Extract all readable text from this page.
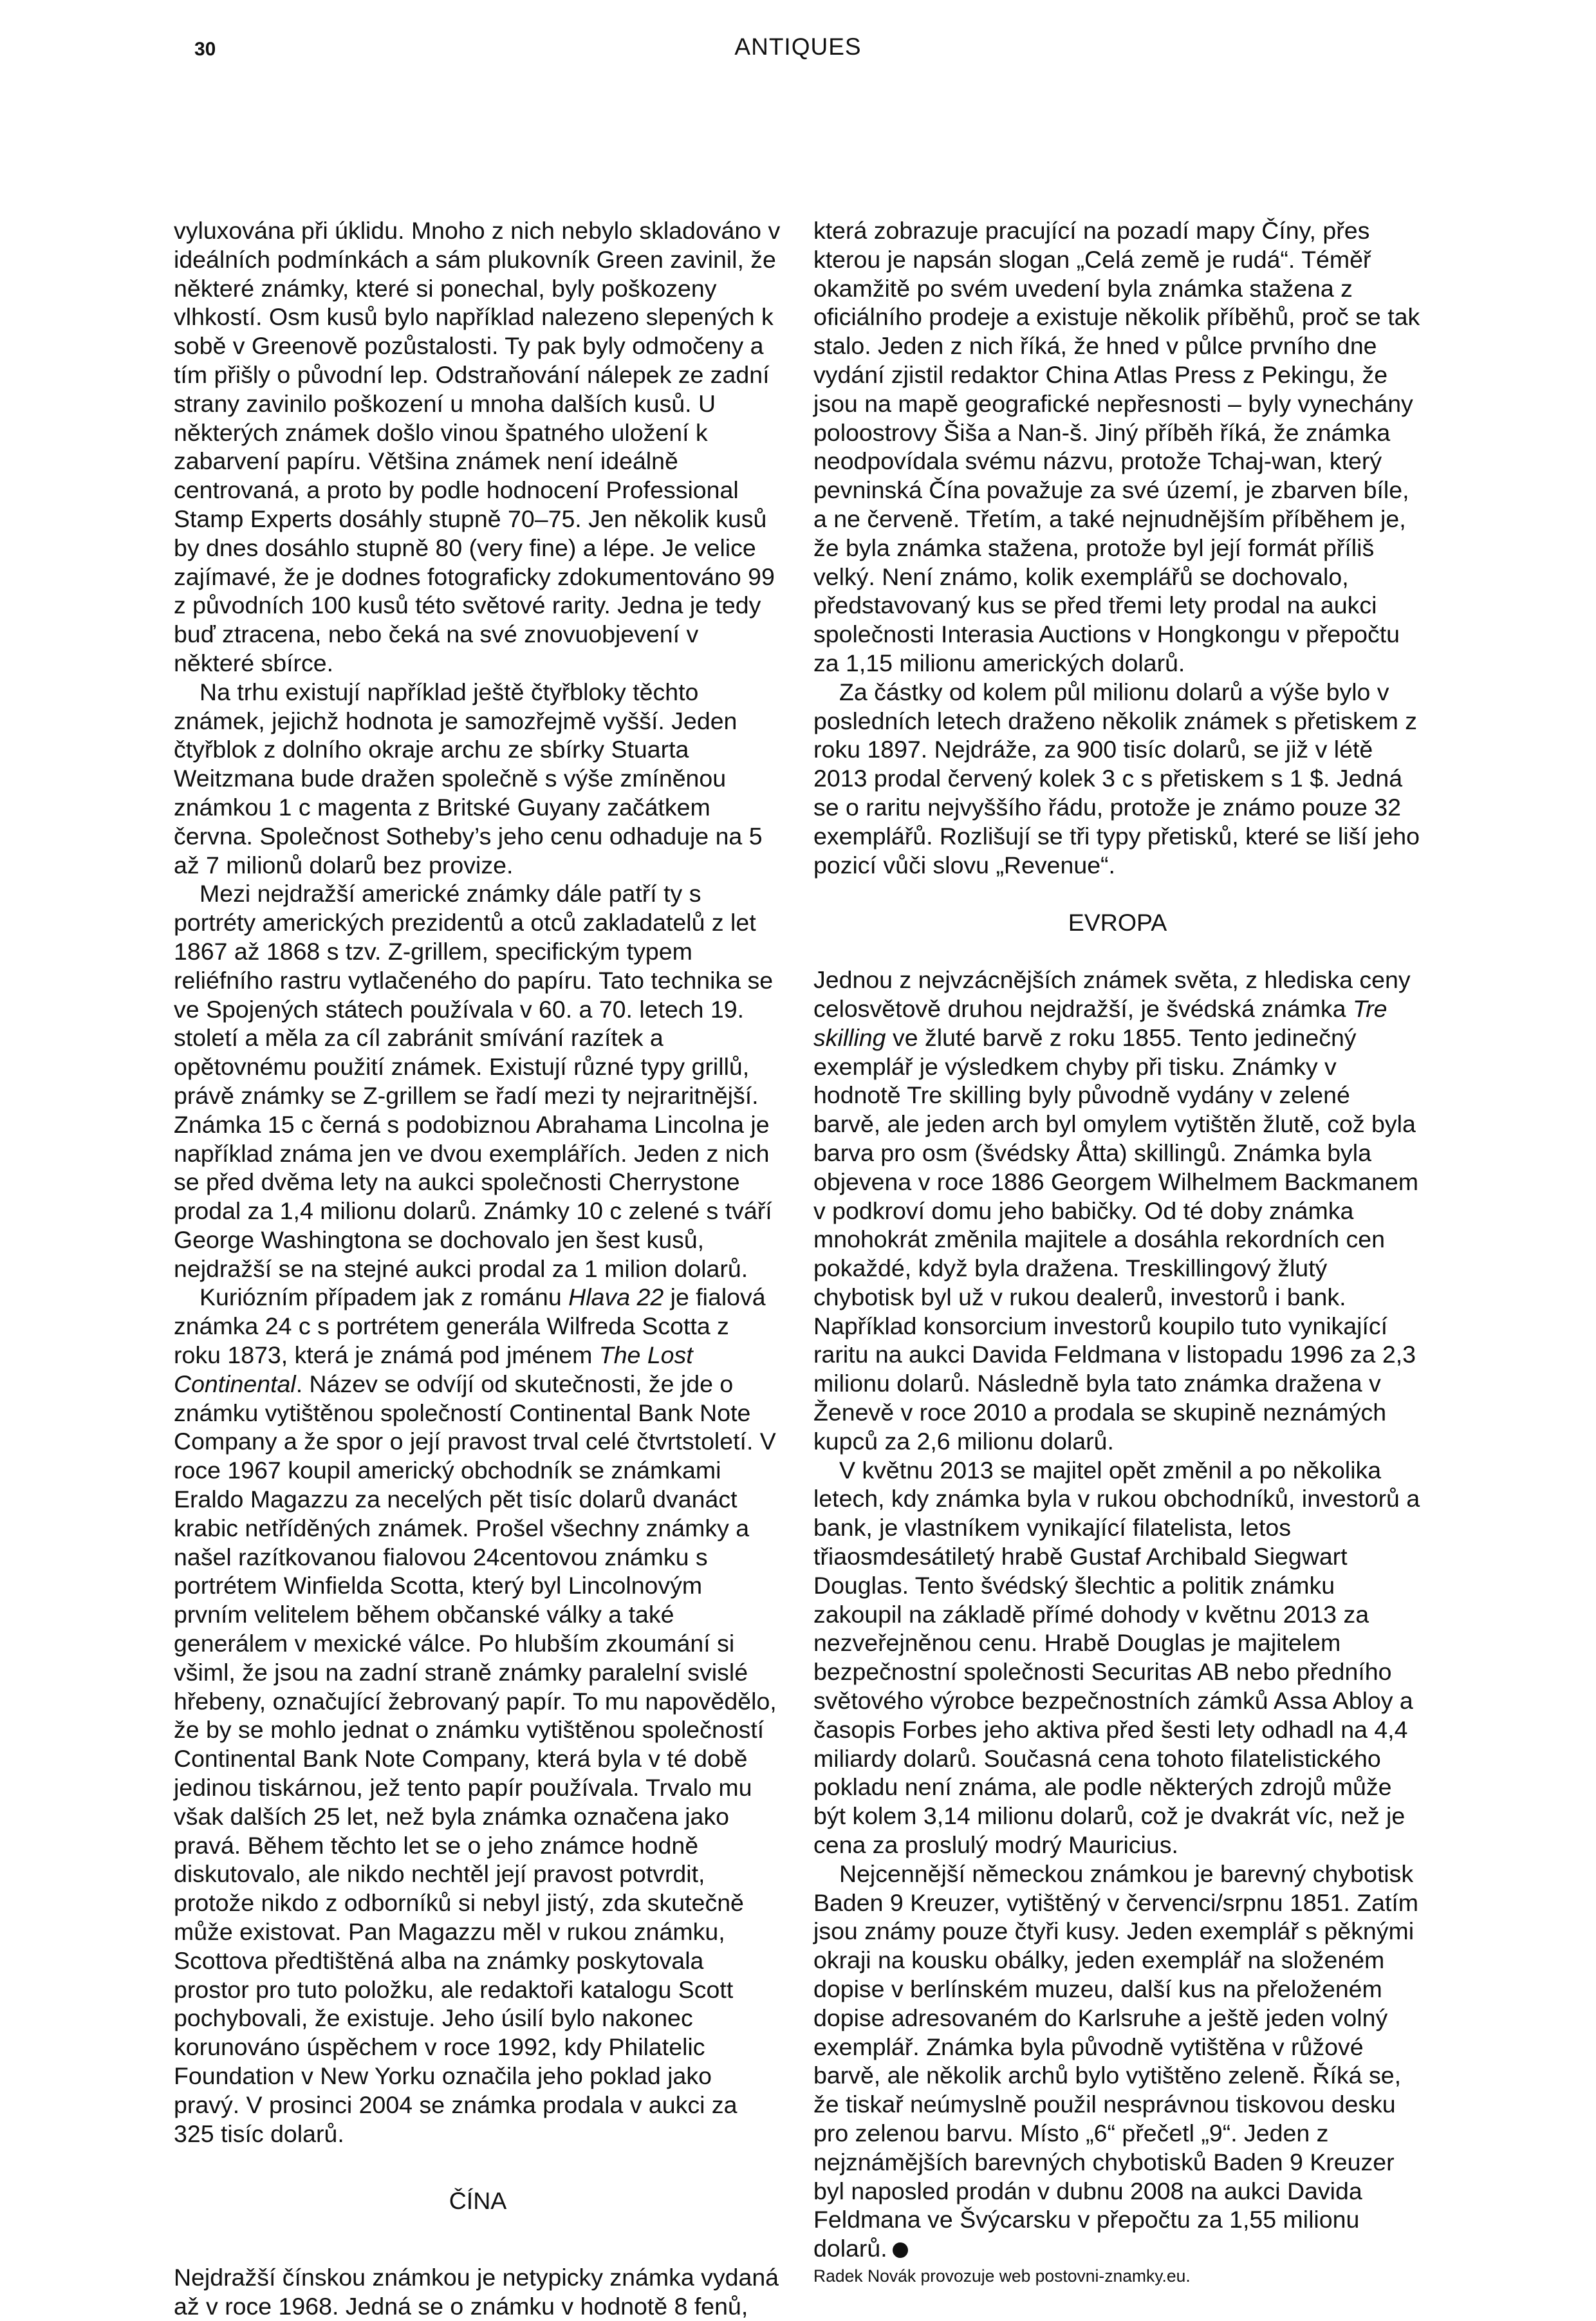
30	ANTIQUES

vyluxována při úklidu. Mnoho z nich nebylo skladováno v ideálních podmínkách a sám plukovník Green zavinil, že některé známky, které si ponechal, byly poškozeny vlhkostí. Osm kusů bylo například nalezeno slepených k sobě v Greenově pozůstalosti. Ty pak byly odmočeny a tím přišly o původní lep. Odstraňování nálepek ze zadní strany zavinilo poškození u mnoha dalších kusů. U některých známek došlo vinou špatného uložení k zabarvení papíru. Většina známek není ideálně centrovaná, a proto by podle hodnocení Professional Stamp Experts dosáhly stupně 70–75. Jen několik kusů by dnes dosáhlo stupně 80 (very fine) a lépe. Je velice zajímavé, že je dodnes fotograficky zdokumentováno 99 z původních 100 kusů této světové rarity. Jedna je tedy buď ztracena, nebo čeká na své znovuobjevení v některé sbírce.

Na trhu existují například ještě čtyřbloky těchto známek, jejichž hodnota je samozřejmě vyšší. Jeden čtyřblok z dolního okraje archu ze sbírky Stuarta Weitzmana bude dražen společně s výše zmíněnou známkou 1 c magenta z Britské Guyany začátkem června. Společnost Sotheby’s jeho cenu odhaduje na 5 až 7 milionů dolarů bez provize.

Mezi nejdražší americké známky dále patří ty s portréty amerických prezidentů a otců zakladatelů z let 1867 až 1868 s tzv. Z-grillem, specifickým typem reliéfního rastru vytlačeného do papíru. Tato technika se ve Spojených státech používala v 60. a 70. letech 19. století a měla za cíl zabránit smívání razítek a opětovnému použití známek. Existují různé typy grillů, právě známky se Z-grillem se řadí mezi ty nejraritnější. Známka 15 c černá s podobiznou Abrahama Lincolna je například známa jen ve dvou exemplářích. Jeden z nich se před dvěma lety na aukci společnosti Cherrystone prodal za 1,4 milionu dolarů. Známky 10 c zelené s tváří George Washingtona se dochovalo jen šest kusů, nejdražší se na stejné aukci prodal za 1 milion dolarů.

Kuriózním případem jak z románu Hlava 22 je fialová známka 24 c s portrétem generála Wilfreda Scotta z roku 1873, která je známá pod jménem The Lost Continental. Název se odvíjí od skutečnosti, že jde o známku vytištěnou společností Continental Bank Note Company a že spor o její pravost trval celé čtvrtstoletí. V roce 1967 koupil americký obchodník se známkami Eraldo Magazzu za necelých pět tisíc dolarů dvanáct krabic netříděných známek. Prošel všechny známky a našel razítkovanou fialovou 24centovou známku s portrétem Winfielda Scotta, který byl Lincolnovým prvním velitelem během občanské války a také generálem v mexické válce. Po hlubším zkoumání si všiml, že jsou na zadní straně známky paralelní svislé hřebeny, označující žebrovaný papír. To mu napovědělo, že by se mohlo jednat o známku vytištěnou společností Continental Bank Note Company, která byla v té době jedinou tiskárnou, jež tento papír používala. Trvalo mu však dalších 25 let, než byla známka označena jako pravá. Během těchto let se o jeho známce hodně diskutovalo, ale nikdo nechtěl její pravost potvrdit, protože nikdo z odborníků si nebyl jistý, zda skutečně může existovat. Pan Magazzu měl v rukou známku, Scottova předtištěná alba na známky poskytovala prostor pro tuto položku, ale redaktoři katalogu Scott pochybovali, že existuje. Jeho úsilí bylo nakonec korunováno úspěchem v roce 1992, kdy Philatelic Foundation v New Yorku označila jeho poklad jako pravý. V prosinci 2004 se známka prodala v aukci za 325 tisíc dolarů.

ČÍNA

Nejdražší čínskou známkou je netypicky známka vydaná až v roce 1968. Jedná se o známku v hodnotě 8 fenů,

která zobrazuje pracující na pozadí mapy Číny, přes kterou je napsán slogan „Celá země je rudá“. Téměř okamžitě po svém uvedení byla známka stažena z oficiálního prodeje a existuje několik příběhů, proč se tak stalo. Jeden z nich říká, že hned v půlce prvního dne vydání zjistil redaktor China Atlas Press z Pekingu, že jsou na mapě geografické nepřesnosti – byly vynechány poloostrovy Šiša a Nan-š. Jiný příběh říká, že známka neodpovídala svému názvu, protože Tchaj-wan, který pevninská Čína považuje za své území, je zbarven bíle, a ne červeně. Třetím, a také nejnudnějším příběhem je, že byla známka stažena, protože byl její formát příliš velký. Není známo, kolik exemplářů se dochovalo, představovaný kus se před třemi lety prodal na aukci společnosti Interasia Auctions v Hongkongu v přepočtu za 1,15 milionu amerických dolarů.

Za částky od kolem půl milionu dolarů a výše bylo v posledních letech draženo několik známek s přetiskem z roku 1897. Nejdráže, za 900 tisíc dolarů, se již v létě 2013 prodal červený kolek 3 c s přetiskem s 1 $. Jedná se o raritu nejvyššího řádu, protože je známo pouze 32 exemplářů. Rozlišují se tři typy přetisků, které se liší jeho pozicí vůči slovu „Revenue“.

EVROPA

Jednou z nejvzácnějších známek světa, z hlediska ceny celosvětově druhou nejdražší, je švédská známka Tre skilling ve žluté barvě z roku 1855. Tento jedinečný exemplář je výsledkem chyby při tisku. Známky v hodnotě Tre skilling byly původně vydány v zelené barvě, ale jeden arch byl omylem vytištěn žlutě, což byla barva pro osm (švédsky Åtta) skillingů. Známka byla objevena v roce 1886 Georgem Wilhelmem Backmanem v podkroví domu jeho babičky. Od té doby známka mnohokrát změnila majitele a dosáhla rekordních cen pokaždé, když byla dražena. Treskillingový žlutý chybotisk byl už v rukou dealerů, investorů i bank. Například konsorcium investorů koupilo tuto vynikající raritu na aukci Davida Feldmana v listopadu 1996 za 2,3 milionu dolarů. Následně byla tato známka dražena v Ženevě v roce 2010 a prodala se skupině neznámých kupců za 2,6 milionu dolarů.

V květnu 2013 se majitel opět změnil a po několika letech, kdy známka byla v rukou obchodníků, investorů a bank, je vlastníkem vynikající filatelista, letos třiaosmdesátiletý hrabě Gustaf Archibald Siegwart Douglas. Tento švédský šlechtic a politik známku zakoupil na základě přímé dohody v květnu 2013 za nezveřejněnou cenu. Hrabě Douglas je majitelem bezpečnostní společnosti Securitas AB nebo předního světového výrobce bezpečnostních zámků Assa Abloy a časopis Forbes jeho aktiva před šesti lety odhadl na 4,4 miliardy dolarů. Současná cena tohoto filatelistického pokladu není známa, ale podle některých zdrojů může být kolem 3,14 milionu dolarů, což je dvakrát víc, než je cena za proslulý modrý Mauricius.

Nejcennější německou známkou je barevný chybotisk Baden 9 Kreuzer, vytištěný v červenci/srpnu 1851. Zatím jsou známy pouze čtyři kusy. Jeden exemplář s pěknými okraji na kousku obálky, jeden exemplář na složeném dopise v berlínském muzeu, další kus na přeloženém dopise adresovaném do Karlsruhe a ještě jeden volný exemplář. Známka byla původně vytištěna v růžové barvě, ale několik archů bylo vytištěno zeleně. Říká se, že tiskař neúmyslně použil nesprávnou tiskovou desku pro zelenou barvu. Místo „6“ přečetl „9“. Jeden z nejznámějších barevných chybotisků Baden 9 Kreuzer byl naposled prodán v dubnu 2008 na aukci Davida Feldmana ve Švýcarsku v přepočtu za 1,55 milionu dolarů.

Radek Novák provozuje web postovni-znamky.eu.
